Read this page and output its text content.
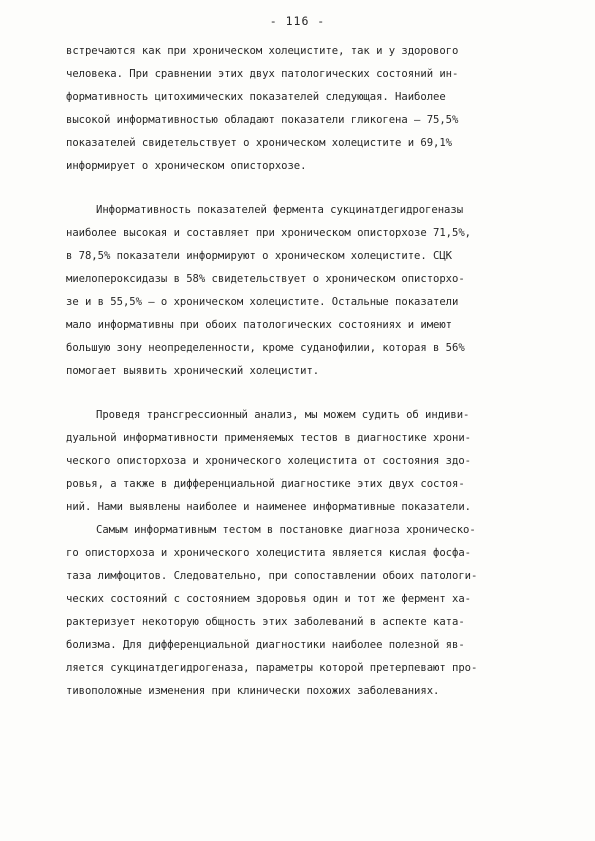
- 116 -
встречаются как при хроническом холецистите, так и у здорового
человека. При сравнении этих двух патологических состояний ин-
формативность цитохимических показателей следующая. Наиболее
высокой информативностью обладают показатели гликогена – 75,5%
показателей свидетельствует о хроническом холецистите и 69,1%
информирует о хроническом описторхозе.
Информативность показателей фермента сукцинатдегидрогеназы
наиболее высокая и составляет при хроническом описторхозе 71,5%,
в 78,5% показатели информируют о хроническом холецистите. СЦК
миелопероксидазы в 58% свидетельствует о хроническом описторхо-
зе и в 55,5% – о хроническом холецистите. Остальные показатели
мало информативны при обоих патологических состояниях и имеют
большую зону неопределенности, кроме суданофилии, которая в 56%
помогает выявить хронический холецистит.
Проведя трансгрессионный анализ, мы можем судить об индиви-
дуальной информативности применяемых тестов в диагностике хрони-
ческого описторхоза и хронического холецистита от состояния здо-
ровья, а также в дифференциальной диагностике этих двух состоя-
ний. Нами выявлены наиболее и наименее информативные показатели.
Самым информативным тестом в постановке диагноза хроническо-
го описторхоза и хронического холецистита является кислая фосфа-
таза лимфоцитов. Следовательно, при сопоставлении обоих патологи-
ческих состояний с состоянием здоровья один и тот же фермент ха-
рактеризует некоторую общность этих заболеваний в аспекте ката-
болизма. Для дифференциальной диагностики наиболее полезной яв-
ляется сукцинатдегидрогеназа, параметры которой претерпевают про-
тивоположные изменения при клинически похожих заболеваниях.
